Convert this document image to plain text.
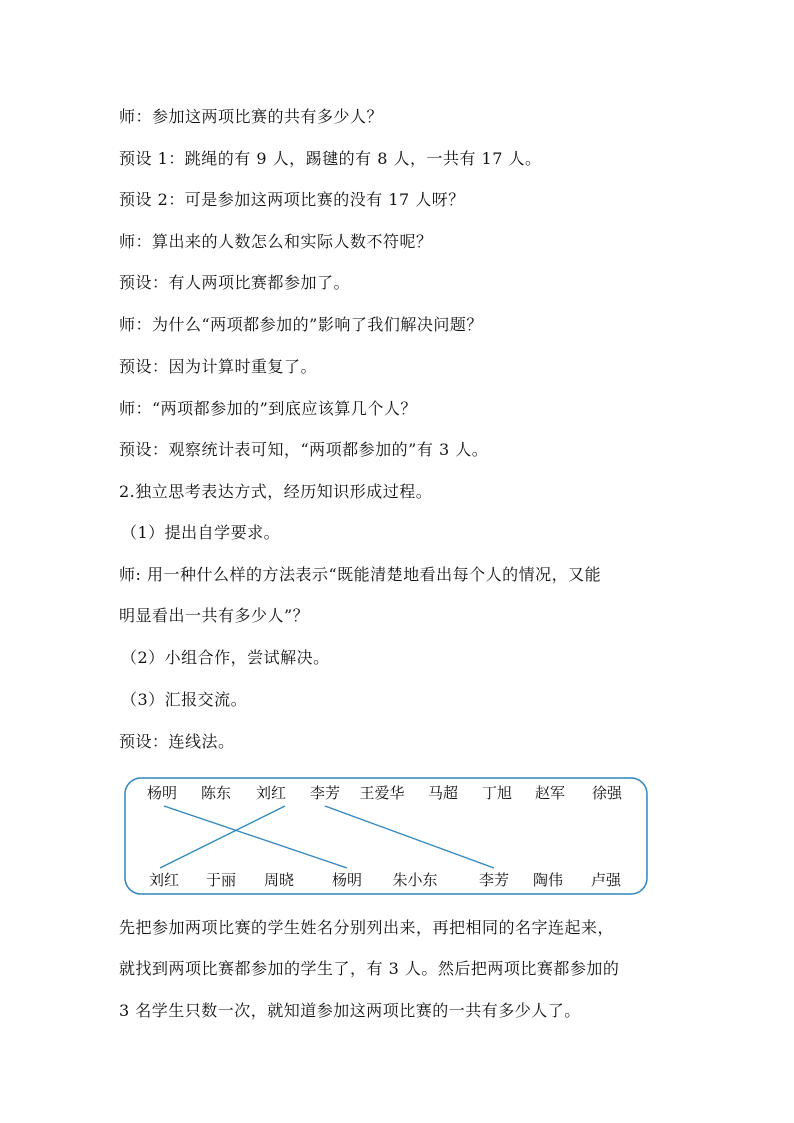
师：参加这两项比赛的共有多少人？
预设 1：跳绳的有 9 人，踢毽的有 8 人，一共有 17 人。
预设 2：可是参加这两项比赛的没有 17 人呀？
师：算出来的人数怎么和实际人数不符呢？
预设：有人两项比赛都参加了。
师：为什么“两项都参加的”影响了我们解决问题？
预设：因为计算时重复了。
师：“两项都参加的”到底应该算几个人？
预设：观察统计表可知，“两项都参加的”有 3 人。
2.独立思考表达方式，经历知识形成过程。
（1）提出自学要求。
师: 用一种什么样的方法表示“既能清楚地看出每个人的情况，又能
明显看出一共有多少人”？
（2）小组合作，尝试解决。
（3）汇报交流。
预设：连线法。
杨明 陈东 刘红 李芳 王爱华 马超 丁旭 赵军 徐强
刘红 于丽 周晓	杨明 朱小东	李芳 陶伟 卢强
先把参加两项比赛的学生姓名分别列出来，再把相同的名字连起来，
就找到两项比赛都参加的学生了，有 3 人。然后把两项比赛都参加的
3 名学生只数一次，就知道参加这两项比赛的一共有多少人了。
